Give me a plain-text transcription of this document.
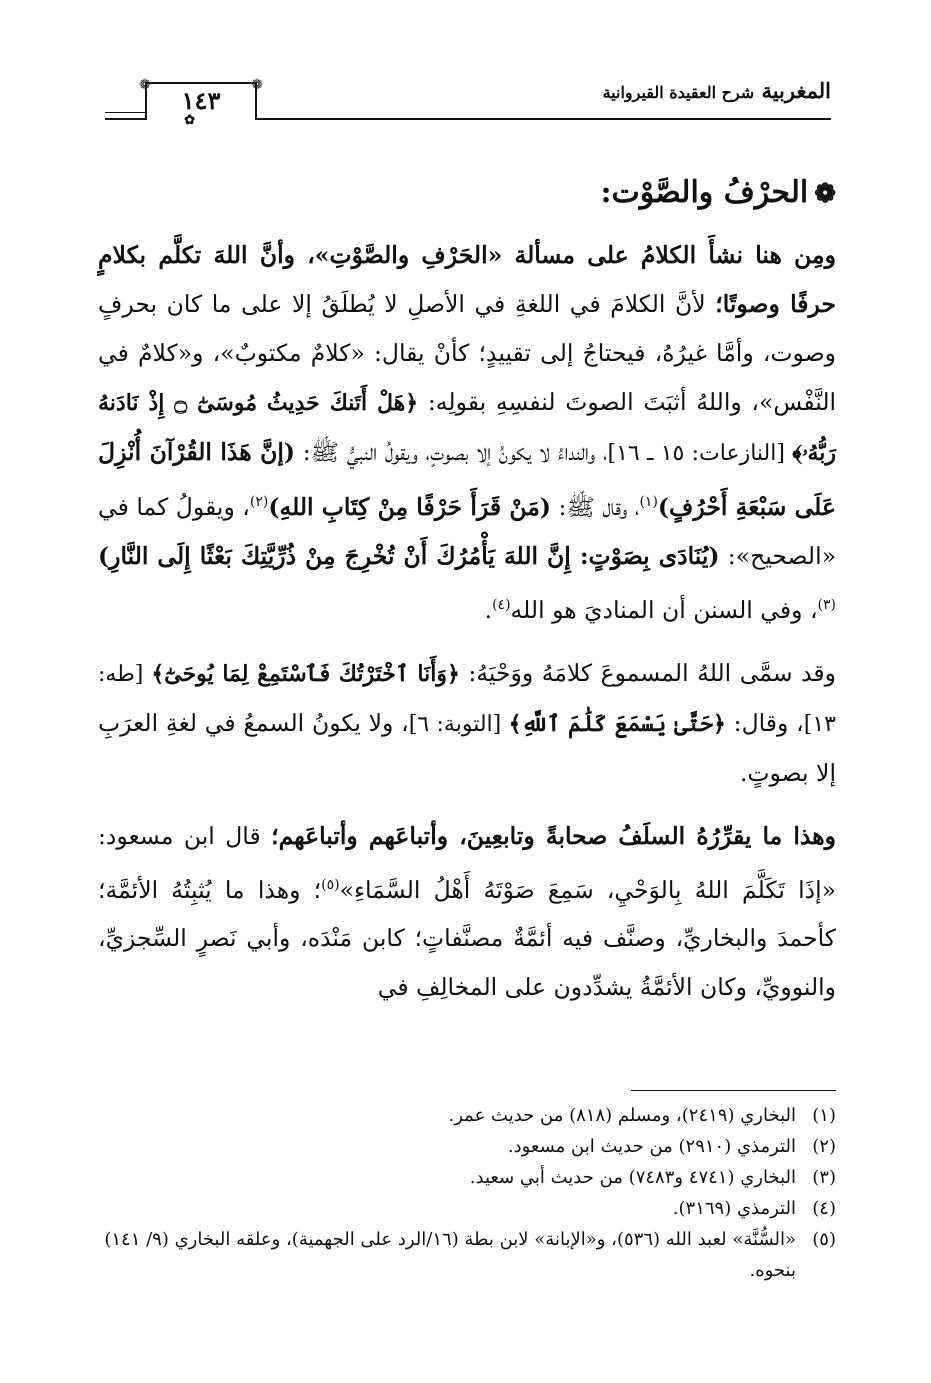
المغربية شرح العقيدة القيروانية
❁	❁
١٤٣
✿
❁الحرْفُ والصَّوْت:

ومِن هنا نشأَ الكلامُ على مسألة «الحَرْفِ والصَّوْتِ»، وأنَّ اللهَ تكلَّم بكلامٍ حرفًا وصوتًا؛ لأنَّ الكلامَ في اللغةِ في الأصلِ لا يُطلَقُ إلا على ما كان بحرفٍ وصوت، وأمَّا غيرُهُ، فيحتاجُ إلى تقييدٍ؛ كأنْ يقال: «كلامٌ مكتوبٌ»، و«كلامٌ في النَّفْس»، واللهُ أثبَتَ الصوتَ لنفسِهِ بقولِه: ﴿هَلْ أَتَنكَ حَدِيثُ مُوسَىٰٓ ۝ إِذْ نَادَنهُ رَبُّهُۥ﴾ [النازعات: ١٥ ـ ١٦]، والنداءُ لا يكونُ إلا بصوتٍ، ويقولُ النبيُّ ﷺ: (إنَّ هَذَا القُرْآنَ أُنْزِلَ عَلَى سَبْعَةِ أَحْرُفٍ)$^{(١)}$، وقال ﷺ: (مَنْ قَرَأَ حَرْفًا مِنْ كِتَابِ اللهِ)$^{(٢)}$، ويقولُ كما في «الصحيح»: (يُنَادَى بِصَوْتٍ: إِنَّ اللهَ يَأْمُرُكَ أَنْ تُخْرِجَ مِنْ ذُرِّيَّتِكَ بَعْثًا إِلَى النَّارِ)$^{(٣)}$، وفي السنن أن المناديَ هو الله$^{(٤)}$.

وقد سمَّى اللهُ المسموعَ كلامَهُ ووَحْيَهُ: ﴿وَأَنَا ٱخْتَرْتُكَ فَٱسْتَمِعْ لِمَا يُوحَىٰٓ﴾ [طه: ١٣]، وقال: ﴿حَتَّىٰ يَسْمَعَ كَلَٰمَ ٱللَّهِ﴾ [التوبة: ٦]، ولا يكونُ السمعُ في لغةِ العرَبِ إلا بصوتٍ.

وهذا ما يقرِّرُهُ السلَفُ صحابةً وتابعِينَ، وأتباعَهم وأتباعَهم؛ قال ابن مسعود: «إذَا تَكَلَّمَ اللهُ بِالوَحْيِ، سَمِعَ صَوْتَهُ أَهْلُ السَّمَاءِ»$^{(٥)}$؛ وهذا ما يُثبِتُهُ الأئمَّة؛ كأحمدَ والبخاريِّ، وصنَّف فيه أئمَّةٌ مصنَّفاتٍ؛ كابن مَنْدَه، وأبي نَصرٍ السِّجزيِّ، والنوويِّ، وكان الأئمَّةُ يشدِّدون على المخالِفِ في

(١)
البخاري (٢٤١٩)، ومسلم (٨١٨) من حديث عمر.
(٢)
الترمذي (٢٩١٠) من حديث ابن مسعود.
(٣)
البخاري (٤٧٤١ و٧٤٨٣) من حديث أبي سعيد.
(٤)
الترمذي (٣١٦٩).
(٥)
«السُّنَّة» لعبد الله (٥٣٦)، و«الإبانة» لابن بطة (١٦/الرد على الجهمية)، وعلقه البخاري (٩/ ١٤١) بنحوه.
